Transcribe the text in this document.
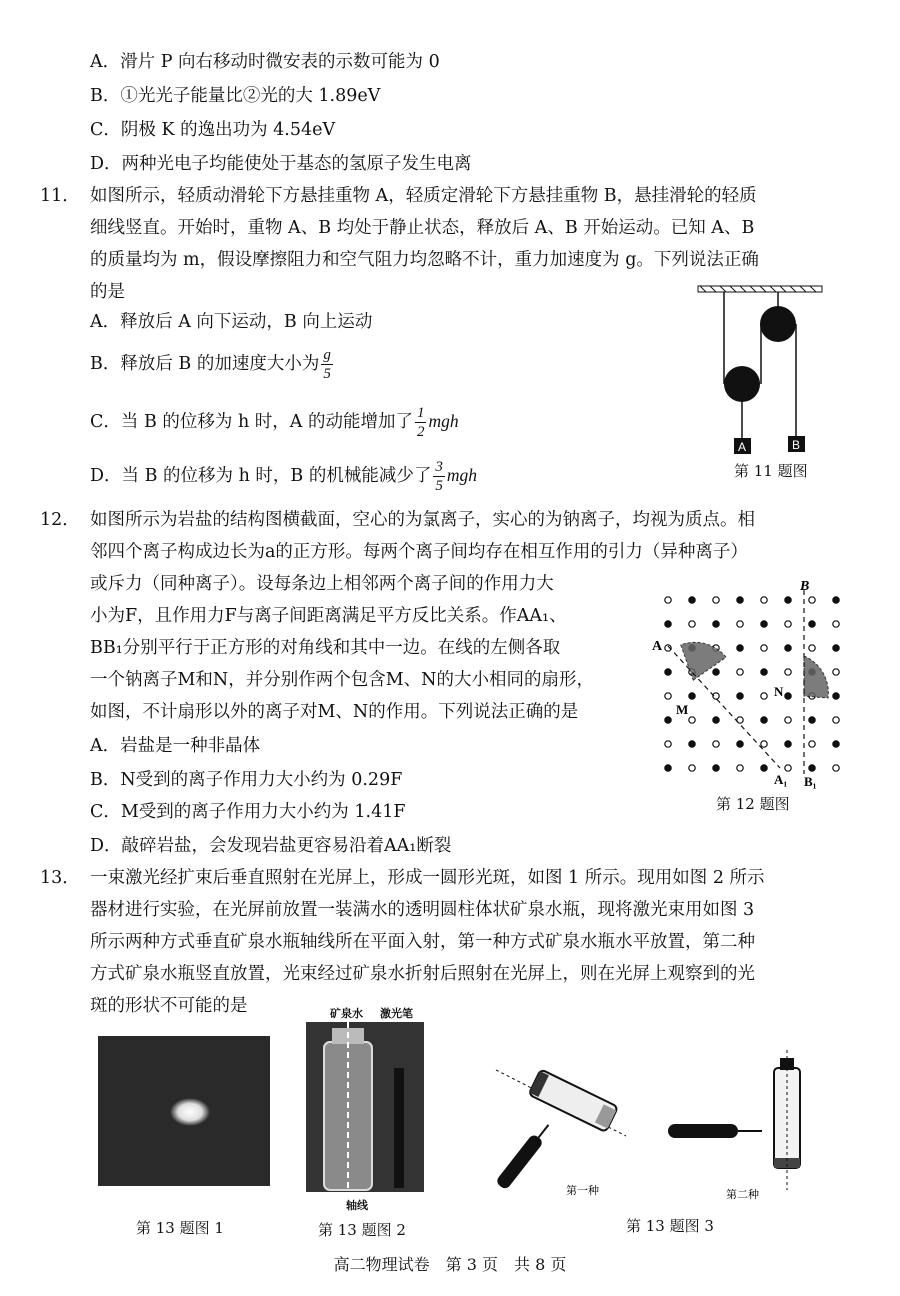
A．滑片 P 向右移动时微安表的示数可能为 0
B．①光光子能量比②光的大 1.89eV
C．阴极 K 的逸出功为 4.54eV
D．两种光电子均能使处于基态的氢原子发生电离
11． 如图所示，轻质动滑轮下方悬挂重物 A，轻质定滑轮下方悬挂重物 B，悬挂滑轮的轻质
细线竖直。开始时，重物 A、B 均处于静止状态，释放后 A、B 开始运动。已知 A、B
的质量均为 m，假设摩擦阻力和空气阻力均忽略不计，重力加速度为 g。下列说法正确
的是
A．释放后 A 向下运动，B 向上运动
B．释放后 B 的加速度大小为 $\frac{g}{5}$
C．当 B 的位移为 h 时，A 的动能增加了 $\frac{1}{2}$ mgh
D．当 B 的位移为 h 时，B 的机械能减少了 $\frac{3}{5}$ mgh
A	B
第 11 题图
12． 如图所示为岩盐的结构图横截面，空心的为氯离子，实心的为钠离子，均视为质点。相
邻四个离子构成边长为a的正方形。每两个离子间均存在相互作用的引力（异种离子）
或斥力（同种离子）。设每条边上相邻两个离子间的作用力大
小为F，且作用力F与离子间距离满足平方反比关系。作AA₁、
BB₁分别平行于正方形的对角线和其中一边。在线的左侧各取
一个钠离子M和N，并分别作两个包含M、N的大小相同的扇形，
如图，不计扇形以外的离子对M、N的作用。下列说法正确的是
A．岩盐是一种非晶体
B．N受到的离子作用力大小约为 0.29F
C．M受到的离子作用力大小约为 1.41F
D．敲碎岩盐，会发现岩盐更容易沿着AA₁断裂
A
B
A₁ B₁
M
N
第 12 题图
13． 一束激光经扩束后垂直照射在光屏上，形成一圆形光斑，如图 1 所示。现用如图 2 所示
器材进行实验，在光屏前放置一装满水的透明圆柱体状矿泉水瓶，现将激光束用如图 3
所示两种方式垂直矿泉水瓶轴线所在平面入射，第一种方式矿泉水瓶水平放置，第二种
方式矿泉水瓶竖直放置，光束经过矿泉水折射后照射在光屏上，则在光屏上观察到的光
斑的形状不可能的是
第 13 题图 1
矿泉水 激光笔
轴线
第 13 题图 2
第一种	第二种
第 13 题图 3
高二物理试卷　第 3 页　共 8 页
